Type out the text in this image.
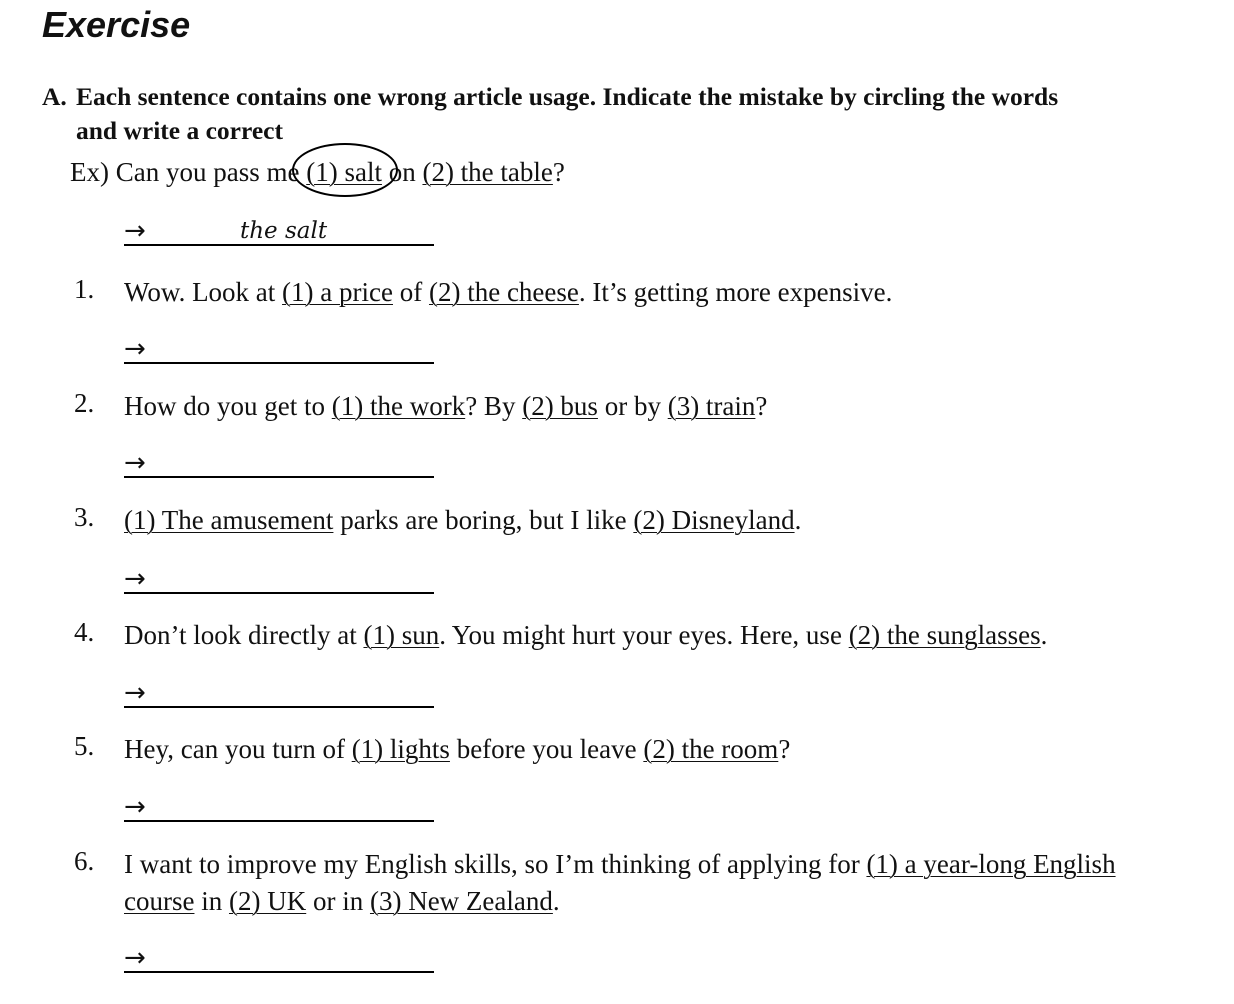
Exercise
A. Each sentence contains one wrong article usage. Indicate the mistake by circling the words
and write a correct
Ex) Can you pass me (1) salt
on (2) the table?
→	the salt
1. Wow. Look at (1) a price of (2) the cheese. It’s getting more expensive.
→
2. How do you get to (1) the work? By (2) bus or by (3) train?
→
3. (1) The amusement parks are boring, but I like (2) Disneyland.
→
4. Don’t look directly at (1) sun. You might hurt your eyes. Here, use (2) the sunglasses.
→
5. Hey, can you turn of (1) lights before you leave (2) the room?
→
6. I want to improve my English skills, so I’m thinking of applying for (1) a year-long English course in (2) UK or in (3) New Zealand.
→
